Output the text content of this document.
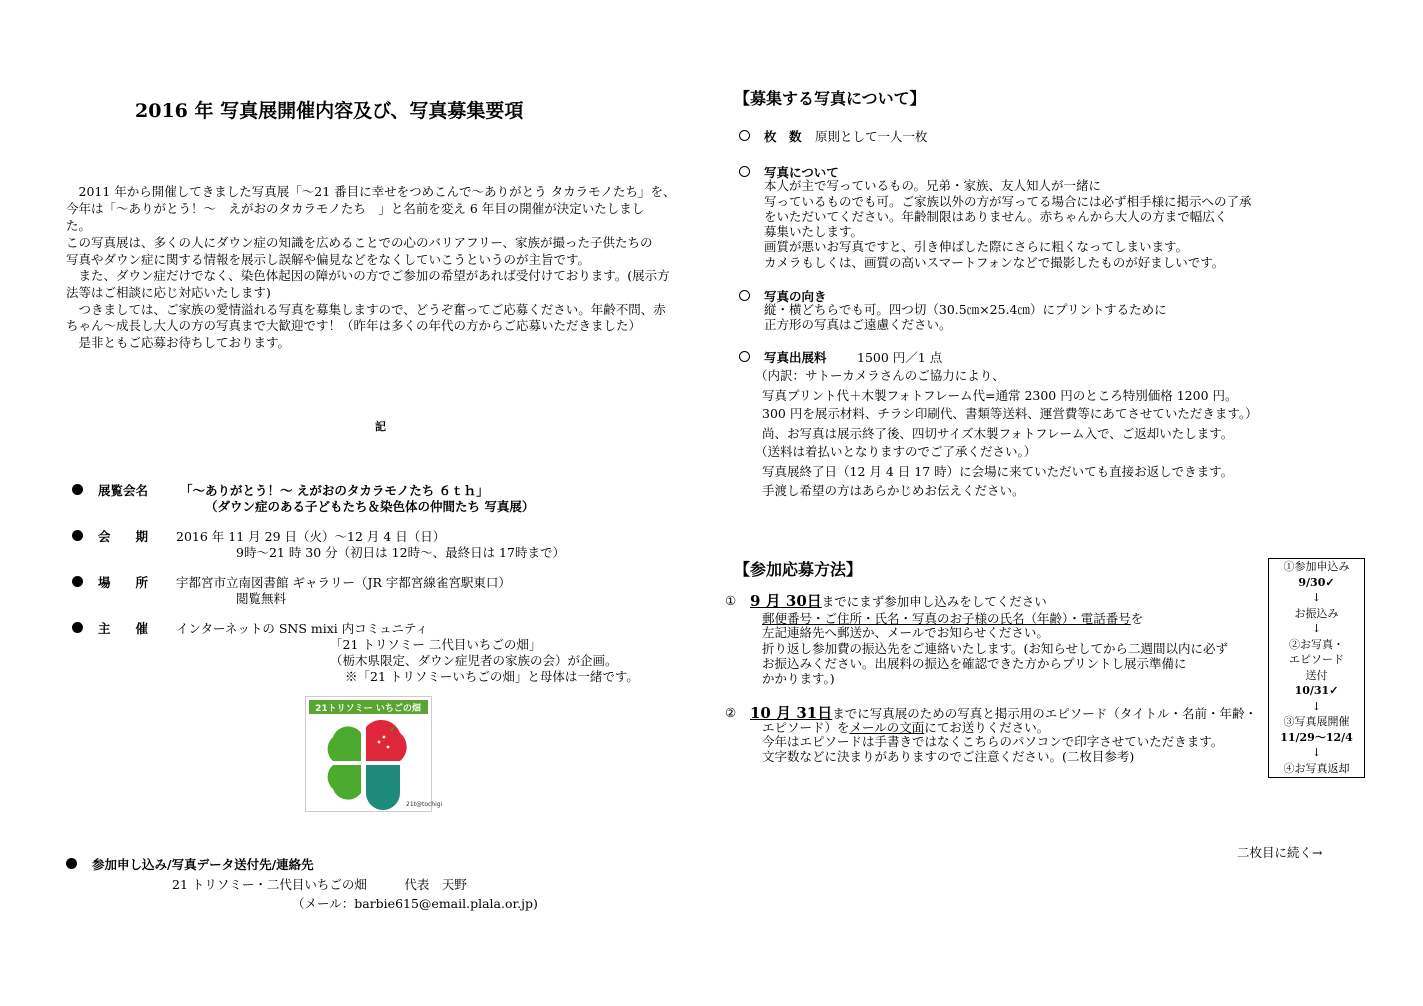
2016 年 写真展開催内容及び、写真募集要項
　2011 年から開催してきました写真展「～21 番目に幸せをつめこんで～ありがとう タカラモノたち」を、
今年は「～ありがとう！～　えがおのタカラモノたち　」と名前を変え 6 年目の開催が決定いたしまし
た。
この写真展は、多くの人にダウン症の知識を広めることでの心のバリアフリー、家族が撮った子供たちの
写真やダウン症に関する情報を展示し誤解や偏見などをなくしていこうというのが主旨です。
　また、ダウン症だけでなく、染色体起因の障がいの方でご参加の希望があれば受付けております。(展示方
法等はご相談に応じ対応いたします)
　つきましては、ご家族の愛情溢れる写真を募集しますので、どうぞ奮ってご応募ください。年齢不問、赤
ちゃん～成長し大人の方の写真まで大歓迎です！（昨年は多くの年代の方からご応募いただきました）
　是非ともご応募お待ちしております。
記
展覧会名	「～ありがとう！～ えがおのタカラモノたち ６ｔｈ」
（ダウン症のある子どもたち＆染色体の仲間たち 写真展）
会　　期 2016 年 11 月 29 日（火）～12 月 4 日（日）
9時～21 時 30 分（初日は 12時～、最終日は 17時まで）
場　　所 宇都宮市立南図書館 ギャラリー（JR 宇都宮線雀宮駅東口）
閲覧無料
主　　催 インターネットの SNS mixi 内コミュニティ
「21 トリソミー 二代目いちごの畑」
（栃木県限定、ダウン症児者の家族の会）が企画。
※「21 トリソミーいちごの畑」と母体は一緒です。
21トリソミー いちごの畑
21t@tochigi
参加申し込み/写真データ送付先/連絡先
21 トリソミー・二代目いちごの畑　　　代表　天野
（メール：barbie615@email.plala.or.jp)
【募集する写真について】
枚　数 原則として一人一枚
写真について
本人が主で写っているもの。兄弟・家族、友人知人が一緒に
写っているものでも可。ご家族以外の方が写ってる場合には必ず相手様に掲示への了承
をいただいてください。年齢制限はありません。赤ちゃんから大人の方まで幅広く
募集いたします。
画質が悪いお写真ですと、引き伸ばした際にさらに粗くなってしまいます。
カメラもしくは、画質の高いスマートフォンなどで撮影したものが好ましいです。
写真の向き
縦・横どちらでも可。四つ切（30.5㎝×25.4㎝）にプリントするために
正方形の写真はご遠慮ください。
写真出展料 1500 円／1 点
（内訳：サトーカメラさんのご協力により、
写真プリント代＋木製フォトフレーム代=通常 2300 円のところ特別価格 1200 円。
300 円を展示材料、チラシ印刷代、書類等送料、運営費等にあてさせていただきます。）
尚、お写真は展示終了後、四切サイズ木製フォトフレーム入で、ご返却いたします。
（送料は着払いとなりますのでご了承ください。）
写真展終了日（12 月 4 日 17 時）に会場に来ていただいても直接お返しできます。
手渡し希望の方はあらかじめお伝えください。
【参加応募方法】
① 9 月 30日までにまず参加申し込みをしてください
郵便番号・ご住所・氏名・写真のお子様の氏名（年齢）・電話番号を
左記連絡先へ郵送か、メールでお知らせください。
折り返し参加費の振込先をご連絡いたします。(お知らせしてから二週間以内に必ず
お振込みください。出展料の振込を確認できた方からプリントし展示準備に
かかります。)
② 10 月 31日までに写真展のための写真と掲示用のエピソード（タイトル・名前・年齢・
エピソード）をメールの文面にてお送りください。
今年はエピソードは手書きではなくこちらのパソコンで印字させていただきます。
文字数などに決まりがありますのでご注意ください。(二枚目参考)
①参加申込み
9/30✓
↓
お振込み
↓
②お写真・
エピソード
送付
10/31✓
↓
③写真展開催
11/29～12/4
↓
④お写真返却
二枚目に続く→
